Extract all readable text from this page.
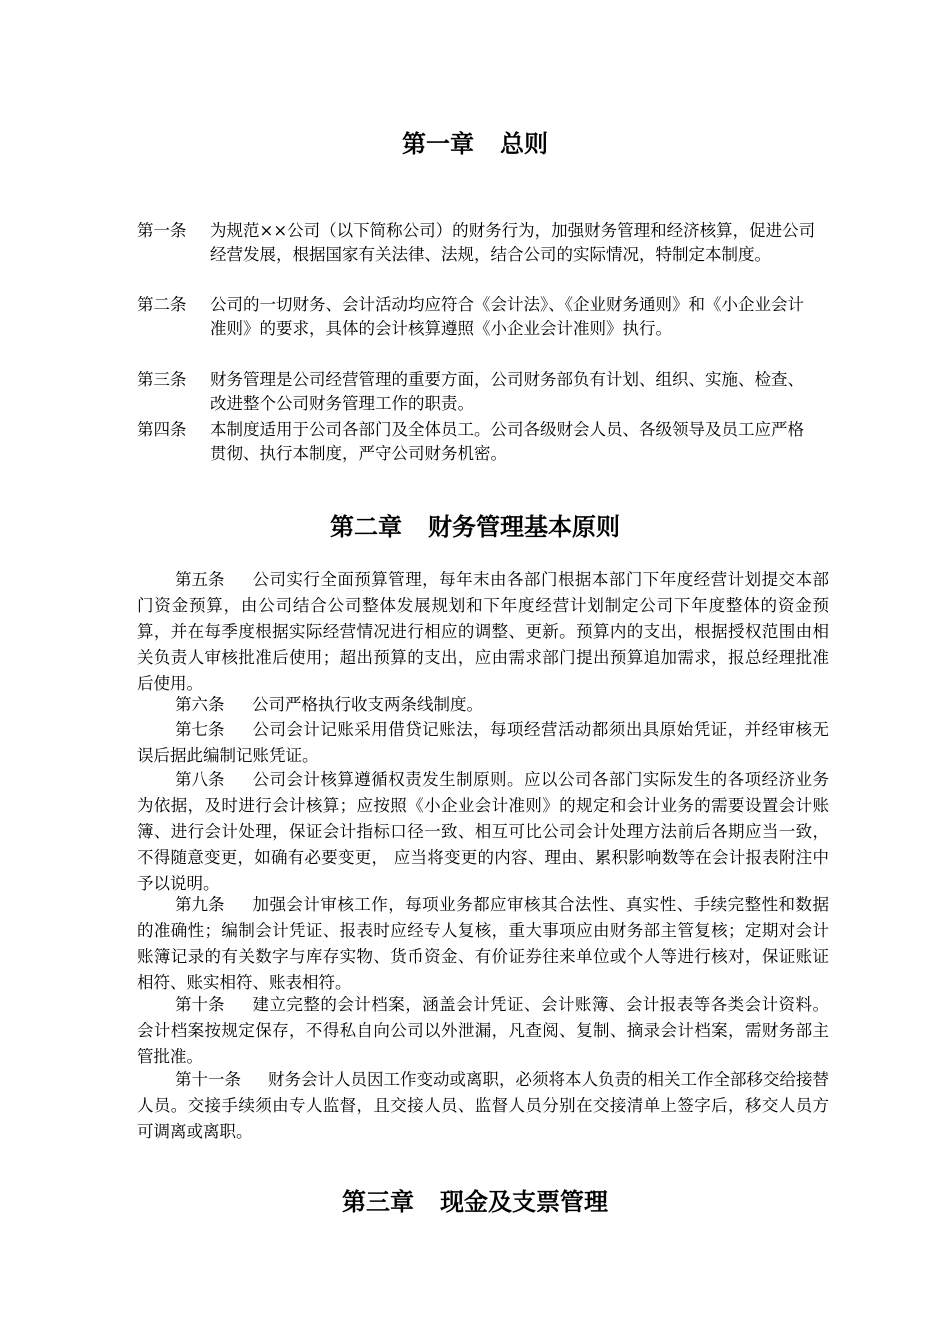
第一章 总则
第一条	为规范××公司（以下简称公司）的财务行为，加强财务管理和经济核算，促进公司经营发展，根据国家有关法律、法规，结合公司的实际情况，特制定本制度。
第二条	公司的一切财务、会计活动均应符合《会计法》、《企业财务通则》和《小企业会计准则》的要求，具体的会计核算遵照《小企业会计准则》执行。
第三条	财务管理是公司经营管理的重要方面，公司财务部负有计划、组织、实施、检查、改进整个公司财务管理工作的职责。
第四条	本制度适用于公司各部门及全体员工。公司各级财会人员、各级领导及员工应严格贯彻、执行本制度，严守公司财务机密。
第二章 财务管理基本原则
第五条 公司实行全面预算管理，每年末由各部门根据本部门下年度经营计划提交本部门资金预算，由公司结合公司整体发展规划和下年度经营计划制定公司下年度整体的资金预算，并在每季度根据实际经营情况进行相应的调整、更新。预算内的支出，根据授权范围由相关负责人审核批准后使用；超出预算的支出，应由需求部门提出预算追加需求，报总经理批准后使用。
第六条 公司严格执行收支两条线制度。
第七条 公司会计记账采用借贷记账法，每项经营活动都须出具原始凭证，并经审核无误后据此编制记账凭证。
第八条 公司会计核算遵循权责发生制原则。应以公司各部门实际发生的各项经济业务为依据，及时进行会计核算；应按照《小企业会计准则》的规定和会计业务的需要设置会计账簿、进行会计处理，保证会计指标口径一致、相互可比公司会计处理方法前后各期应当一致，不得随意变更，如确有必要变更， 应当将变更的内容、理由、累积影响数等在会计报表附注中予以说明。
第九条 加强会计审核工作，每项业务都应审核其合法性、真实性、手续完整性和数据的准确性；编制会计凭证、报表时应经专人复核，重大事项应由财务部主管复核；定期对会计账簿记录的有关数字与库存实物、货币资金、有价证券往来单位或个人等进行核对，保证账证相符、账实相符、账表相符。
第十条 建立完整的会计档案，涵盖会计凭证、会计账簿、会计报表等各类会计资料。会计档案按规定保存，不得私自向公司以外泄漏，凡查阅、复制、摘录会计档案，需财务部主管批准。
第十一条 财务会计人员因工作变动或离职，必须将本人负责的相关工作全部移交给接替人员。交接手续须由专人监督，且交接人员、监督人员分别在交接清单上签字后，移交人员方可调离或离职。
第三章 现金及支票管理
